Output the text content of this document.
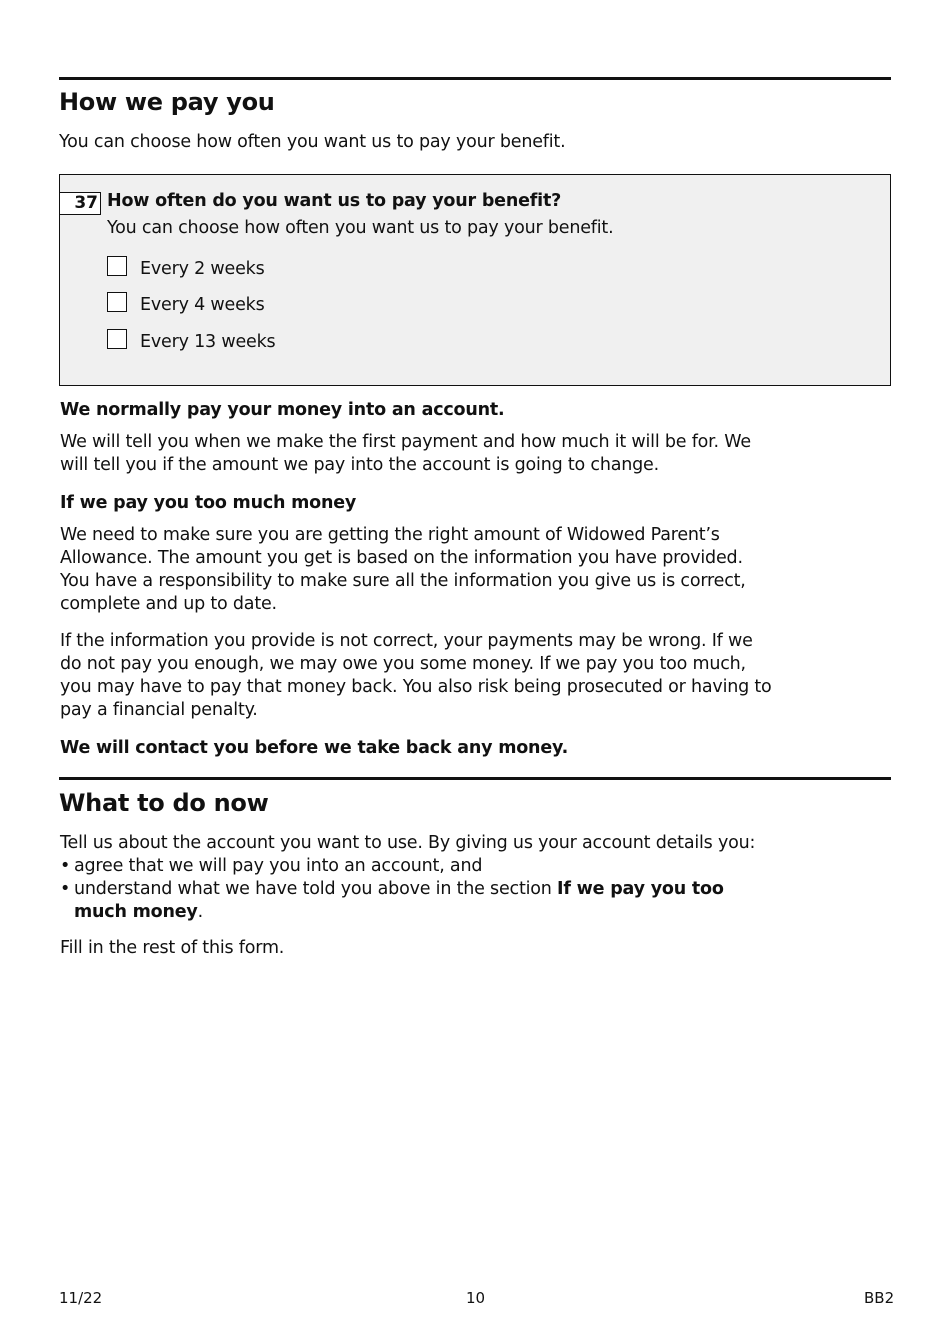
How we pay you
You can choose how often you want us to pay your benefit.
37 How often do you want us to pay your benefit?
You can choose how often you want us to pay your benefit.
Every 2 weeks
Every 4 weeks
Every 13 weeks
We normally pay your money into an account.
We will tell you when we make the first payment and how much it will be for. We
will tell you if the amount we pay into the account is going to change.
If we pay you too much money
We need to make sure you are getting the right amount of Widowed Parent’s
Allowance. The amount you get is based on the information you have provided.
You have a responsibility to make sure all the information you give us is correct,
complete and up to date.
If the information you provide is not correct, your payments may be wrong. If we
do not pay you enough, we may owe you some money. If we pay you too much,
you may have to pay that money back. You also risk being prosecuted or having to
pay a financial penalty.
We will contact you before we take back any money.
What to do now
Tell us about the account you want to use. By giving us your account details you:
• agree that we will pay you into an account, and
• understand what we have told you above in the section If we pay you too
much money.
Fill in the rest of this form.
11/22	10	BB2
